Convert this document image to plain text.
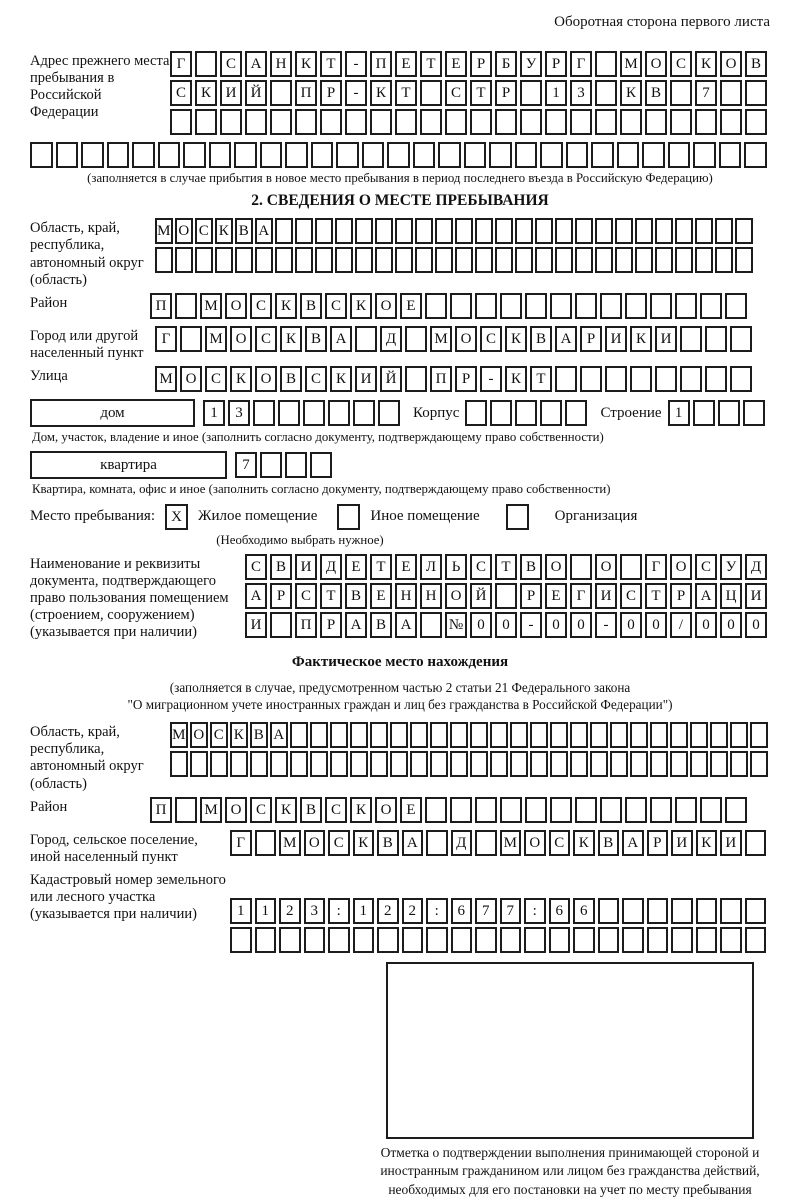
Оборотная сторона первого листа
Адрес прежнего места пребывания в Российской Федерации
Г	С А Н К	Т	-	П Е	Т	Е	Р	Б	У	Р	Г	М О С К О В
С К И Й	П	Р	-	К	Т	С	Т	Р	1	3	К В	7
(заполняется в случае прибытия в новое место пребывания в период последнего въезда в Российскую Федерацию)
2. СВЕДЕНИЯ О МЕСТЕ ПРЕБЫВАНИЯ
Область, край, республика, автономный округ (область)
М О С К В А
Район	П	М О С К В С К О Е
Город или другой населенный пункт
Г	М О С К В А	Д	М О С К В А	Р	И К И
Улица	М О С К О В С К И Й	П	Р	-	К	Т
дом	1	3	Корпус	Строение 1
Дом, участок, владение и иное (заполнить согласно документу, подтверждающему право собственности)
квартира	7
Квартира, комната, офис и иное (заполнить согласно документу, подтверждающему право собственности)
Место пребывания:	X	Жилое помещение	Иное помещение	Организация
(Необходимо выбрать нужное)
Наименование и реквизиты документа, подтверждающего право пользования помещением (строением, сооружением) (указывается при наличии)
С В И Д	Е	Т	Е	Л	Ь	С	Т	В О	О	Г	О С У Д
А	Р	С	Т	В	Е	Н Н О Й	Р	Е	Г	И С	Т	Р	А Ц И
И	П	Р	А В А	№ 0	0	-	0	0	-	0	0	/	0	0	0
Фактическое место нахождения
(заполняется в случае, предусмотренном частью 2 статьи 21 Федерального закона
"О миграционном учете иностранных граждан и лиц без гражданства в Российской Федерации")
Область, край, республика, автономный округ (область)
М О С К В А
Район	П	М О С К В С К О Е
Город, сельское поселение, иной населенный пункт
Г	М О С К В А	Д	М О С К В А Р И К И
Кадастровый номер земельного или лесного участка (указывается при наличии)	1	1	2	3	:	1	2	2	:	6	7	7	:	6	6
Отметка о подтверждении выполнения принимающей стороной и иностранным гражданином или лицом без гражданства действий, необходимых для его постановки на учет по месту пребывания
